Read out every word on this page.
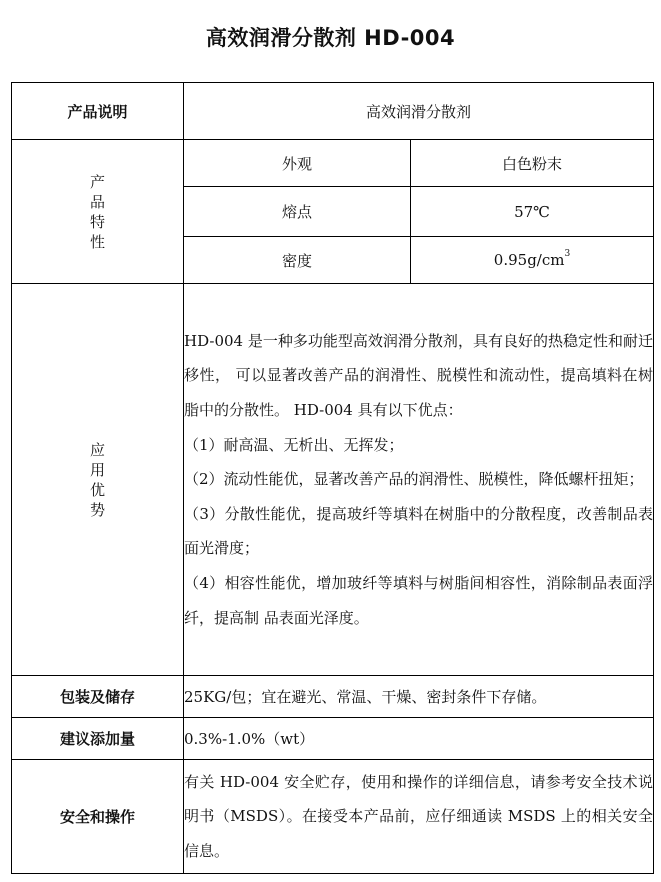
高效润滑分散剂 HD-004
产品说明	高效润滑分散剂	
产品特性	外观	白色粉末
	熔点	57℃
	密度	$0.95g/cm^3$
应用优势	HD-004 是一种多功能型高效润滑分散剂，具有良好的热稳定性和耐迁移性， 可以显著改善产品的润滑性、脱模性和流动性，提高填料在树脂中的分散性。 HD-004 具有以下优点：

（1）耐高温、无析出、无挥发；

（2）流动性能优，显著改善产品的润滑性、脱模性，降低螺杆扭矩；

（3）分散性能优，提高玻纤等填料在树脂中的分散程度，改善制品表面光滑度；

（4）相容性能优，增加玻纤等填料与树脂间相容性，消除制品表面浮纤，提高制 品表面光泽度。	

包装及储存	25KG/包；宜在避光、常温、干燥、密封条件下存储。	
建议添加量	0.3%-1.0%（wt）	
安全和操作	有关 HD-004 安全贮存，使用和操作的详细信息，请参考安全技术说明书（MSDS）。在接受本产品前，应仔细通读 MSDS 上的相关安全信息。	
